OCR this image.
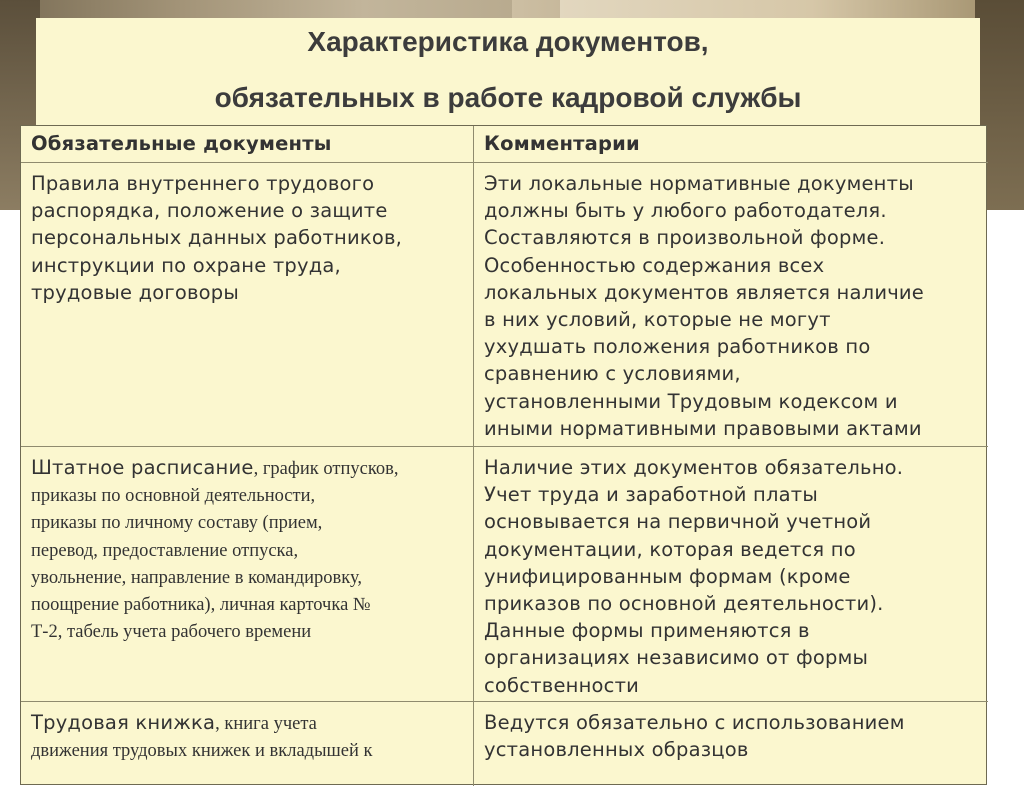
Характеристика документов,
обязательных в работе кадровой службы
Обязательные документы	Комментарии
Правила внутреннего трудового
распорядка, положение о защите
персональных данных работников,
инструкции по охране труда,
трудовые договоры
Эти локальные нормативные документы
должны быть у любого работодателя.
Составляются в произвольной форме.
Особенностью содержания всех
локальных документов является наличие
в них условий, которые не могут
ухудшать положения работников по
сравнению с условиями,
установленными Трудовым кодексом и
иными нормативными правовыми актами
Штатное расписание, график отпусков,
приказы по основной деятельности,
приказы по личному составу (прием,
перевод, предоставление отпуска,
увольнение, направление в командировку,
поощрение работника), личная карточка №
Т-2, табель учета рабочего времени
Наличие этих документов обязательно.
Учет труда и заработной платы
основывается на первичной учетной
документации, которая ведется по
унифицированным формам (кроме
приказов по основной деятельности).
Данные формы применяются в
организациях независимо от формы
собственности
Трудовая книжка, книга учета
движения трудовых книжек и вкладышей к
Ведутся обязательно с использованием
установленных образцов
